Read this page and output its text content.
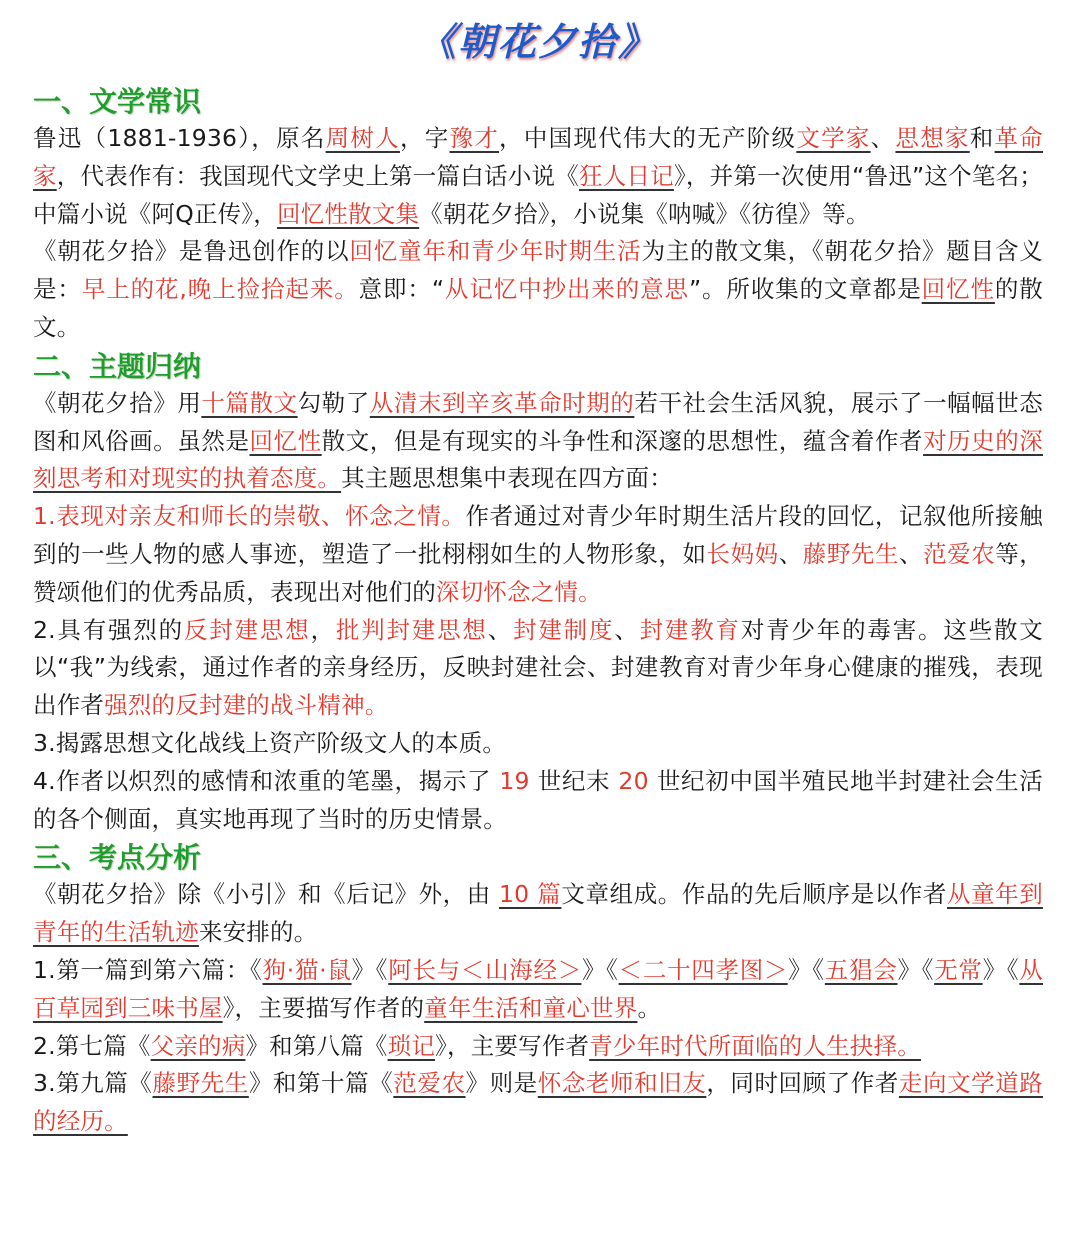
《朝花夕拾》
一、文学常识

鲁迅（1881-1936），原名周树人，字豫才，中国现代伟大的无产阶级文学家、思想家和革命家，代表作有：我国现代文学史上第一篇白话小说《狂人日记》，并第一次使用“鲁迅”这个笔名；中篇小说《阿Q正传》，回忆性散文集《朝花夕拾》，小说集《呐喊》《彷徨》等。

《朝花夕拾》是鲁迅创作的以回忆童年和青少年时期生活为主的散文集，《朝花夕拾》题目含义是：早上的花,晚上捡拾起来。意即：“从记忆中抄出来的意思”。所收集的文章都是回忆性的散文。

二、主题归纳

《朝花夕拾》用十篇散文勾勒了从清末到辛亥革命时期的若干社会生活风貌，展示了一幅幅世态图和风俗画。虽然是回忆性散文，但是有现实的斗争性和深邃的思想性，蕴含着作者对历史的深刻思考和对现实的执着态度。其主题思想集中表现在四方面：

1.表现对亲友和师长的崇敬、怀念之情。作者通过对青少年时期生活片段的回忆，记叙他所接触到的一些人物的感人事迹，塑造了一批栩栩如生的人物形象，如长妈妈、藤野先生、范爱农等，赞颂他们的优秀品质，表现出对他们的深切怀念之情。

2.具有强烈的反封建思想，批判封建思想、封建制度、封建教育对青少年的毒害。这些散文以“我”为线索，通过作者的亲身经历，反映封建社会、封建教育对青少年身心健康的摧残，表现出作者强烈的反封建的战斗精神。

3.揭露思想文化战线上资产阶级文人的本质。

4.作者以炽烈的感情和浓重的笔墨，揭示了 19 世纪末 20 世纪初中国半殖民地半封建社会生活的各个侧面，真实地再现了当时的历史情景。

三、考点分析

《朝花夕拾》除《小引》和《后记》外，由 10 篇文章组成。作品的先后顺序是以作者从童年到青年的生活轨迹来安排的。

1.第一篇到第六篇：《狗·猫·鼠》《阿长与＜山海经＞》《＜二十四孝图＞》《五猖会》《无常》《从百草园到三味书屋》，主要描写作者的童年生活和童心世界。

2.第七篇《父亲的病》和第八篇《琐记》，主要写作者青少年时代所面临的人生抉择。

3.第九篇《藤野先生》和第十篇《范爱农》则是怀念老师和旧友，同时回顾了作者走向文学道路的经历。
